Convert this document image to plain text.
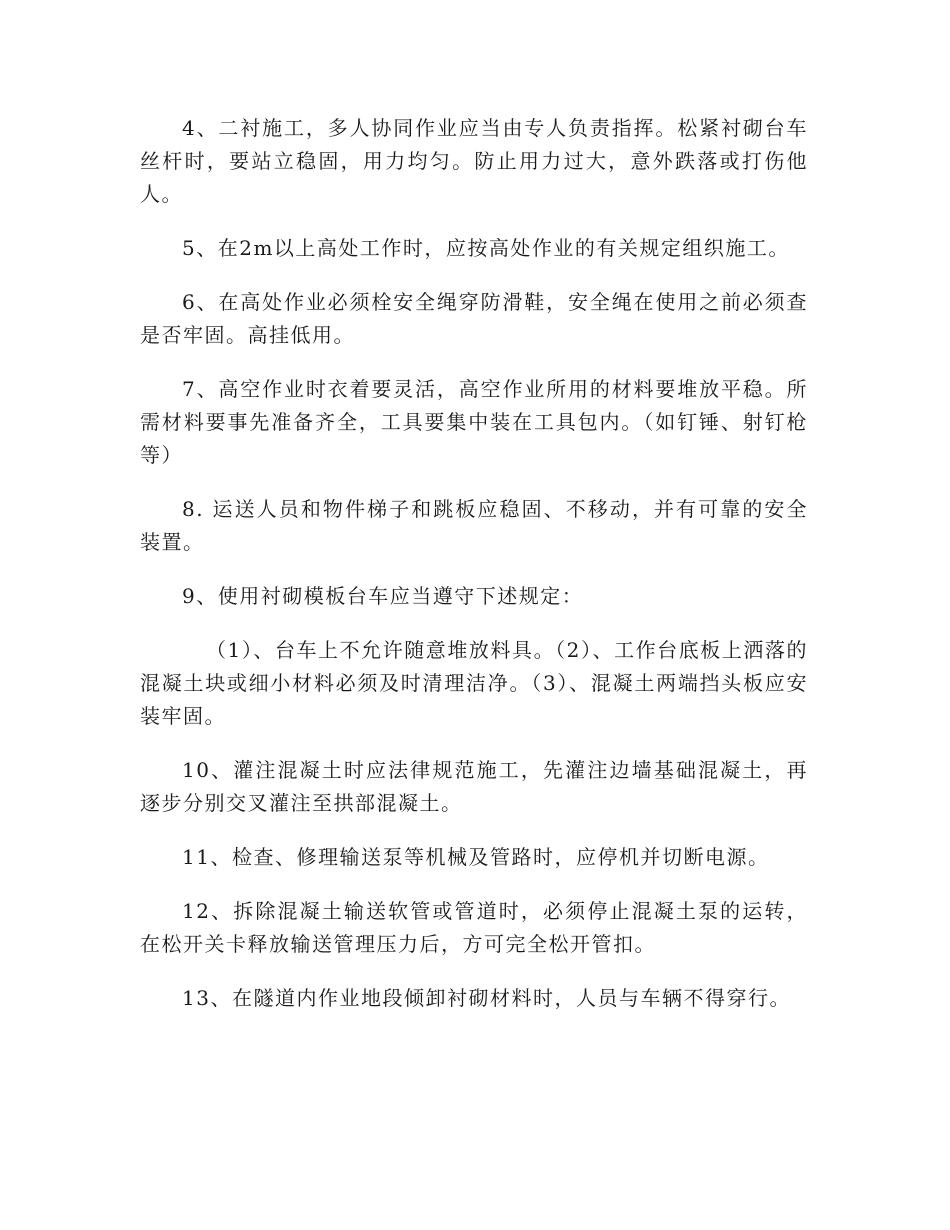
4、二衬施工，多人协同作业应当由专人负责指挥。松紧衬砌台车丝杆时，要站立稳固，用力均匀。防止用力过大，意外跌落或打伤他人。

5、在2m以上高处工作时，应按高处作业的有关规定组织施工。

6、在高处作业必须栓安全绳穿防滑鞋，安全绳在使用之前必须查是否牢固。高挂低用。

7、高空作业时衣着要灵活，高空作业所用的材料要堆放平稳。所需材料要事先准备齐全，工具要集中装在工具包内。（如钉锤、射钉枪等）

8. 运送人员和物件梯子和跳板应稳固、不移动，并有可靠的安全装置。

9、使用衬砌模板台车应当遵守下述规定：

（1）、台车上不允许随意堆放料具。（2）、工作台底板上洒落的混凝土块或细小材料必须及时清理洁净。（3）、混凝土两端挡头板应安装牢固。

10、灌注混凝土时应法律规范施工，先灌注边墙基础混凝土，再逐步分别交叉灌注至拱部混凝土。

11、检查、修理输送泵等机械及管路时，应停机并切断电源。

12、拆除混凝土输送软管或管道时，必须停止混凝土泵的运转，在松开关卡释放输送管理压力后，方可完全松开管扣。

13、在隧道内作业地段倾卸衬砌材料时，人员与车辆不得穿行。
